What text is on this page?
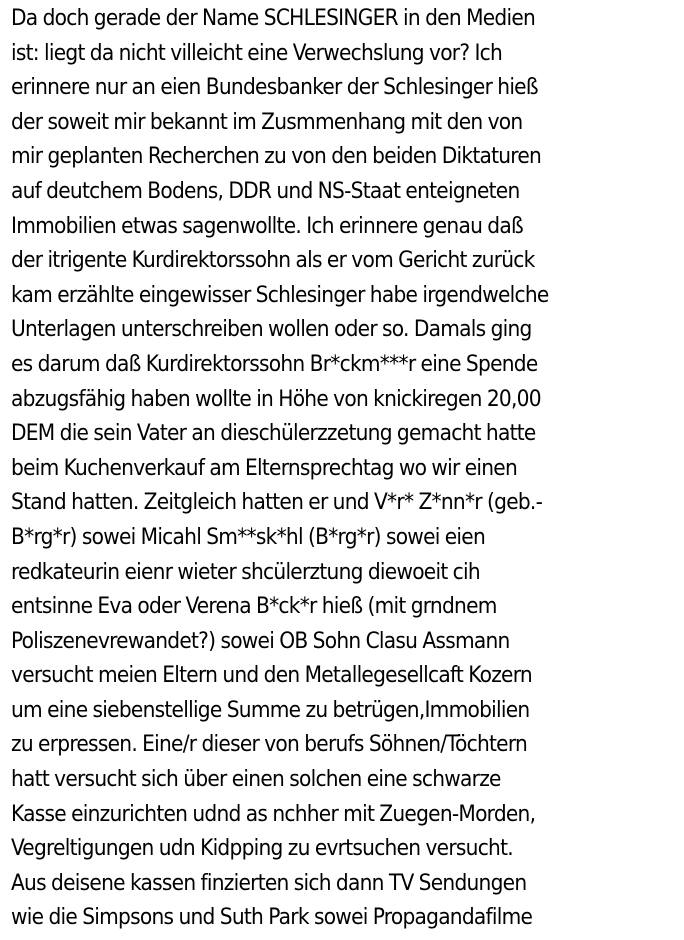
Da doch gerade der Name SCHLESINGER in den Medien
ist: liegt da nicht villeicht eine Verwechslung vor? Ich
erinnere nur an eien Bundesbanker der Schlesinger hieß
der soweit mir bekannt im Zusmmenhang mit den von
mir geplanten Recherchen zu von den beiden Diktaturen
auf deutchem Bodens, DDR und NS-Staat enteigneten
Immobilien etwas sagenwollte. Ich erinnere genau daß
der itrigente Kurdirektorssohn als er vom Gericht zurück
kam erzählte eingewisser Schlesinger habe irgendwelche
Unterlagen unterschreiben wollen oder so. Damals ging
es darum daß Kurdirektorssohn Br*ckm***r eine Spende
abzugsfähig haben wollte in Höhe von knickiregen 20,00
DEM die sein Vater an dieschülerzzetung gemacht hatte
beim Kuchenverkauf am Elternsprechtag wo wir einen
Stand hatten. Zeitgleich hatten er und V*r* Z*nn*r (geb.-
B*rg*r) sowei Micahl Sm**sk*hl (B*rg*r) sowei eien
redkateurin eienr wieter shcülerztung diewoeit cih
entsinne Eva oder Verena B*ck*r hieß (mit grndnem
Poliszenevrewandet?) sowei OB Sohn Clasu Assmann
versucht meien Eltern und den Metallegesellcaft Kozern
um eine siebenstellige Summe zu betrügen,Immobilien
zu erpressen. Eine/r dieser von berufs Söhnen/Töchtern
hatt versucht sich über einen solchen eine schwarze
Kasse einzurichten udnd as nchher mit Zuegen-Morden,
Vegreltigungen udn Kidpping zu evrtsuchen versucht.
Aus deisene kassen finzierten sich dann TV Sendungen
wie die Simpsons und Suth Park sowei Propagandafilme
